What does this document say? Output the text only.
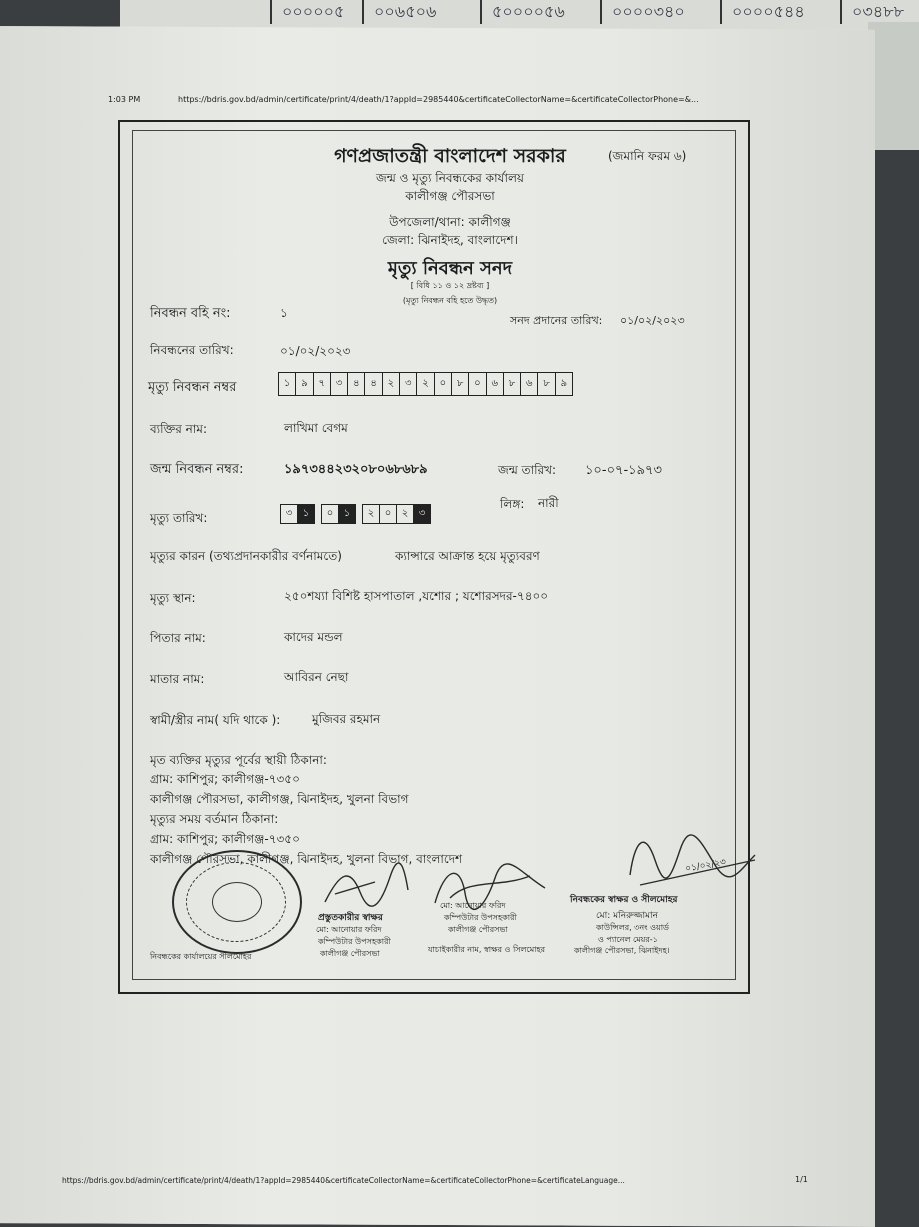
০০০০০৫	০০৬৫০৬	৫০০০০৫৬	০০০০৩৪০	০০০০৫৪৪	০৩৪৮৮
1:03 PM	https://bdris.gov.bd/admin/certificate/print/4/death/1?appId=2985440&certificateCollectorName=&certificateCollectorPhone=&...
গণপ্রজাতন্ত্রী বাংলাদেশ সরকার	(জমানি ফরম ৬)
জন্ম ও মৃত্যু নিবন্ধকের কার্যালয়
কালীগঞ্জ পৌরসভা
উপজেলা/থানা: কালীগঞ্জ
জেলা: ঝিনাইদহ, বাংলাদেশ।
মৃত্যু নিবন্ধন সনদ
[ বিধি ১১ ও ১২ দ্রষ্টব্য ]
(মৃত্যু নিবন্ধন বহি হতে উদ্ধৃত)
নিবন্ধন বহি নং:	১
সনদ প্রদানের তারিখ: ০১/০২/২০২৩
নিবন্ধনের তারিখ:	০১/০২/২০২৩
মৃত্যু নিবন্ধন নম্বর	১	৯	৭	৩	৪	৪	২	৩	২	০	৮	০	৬	৮	৬	৮	৯
ব্যক্তির নাম:	লাখিমা বেগম
জন্ম নিবন্ধন নম্বর:	১৯৭৩৪৪২৩২০৮০৬৮৬৮৯	জন্ম তারিখ: ১০-০৭-১৯৭৩
লিঙ্গ: নারী
মৃত্যু তারিখ:	৩	১	০	১	২	০	২	৩
মৃত্যুর কারন (তথ্যপ্রদানকারীর বর্ণনামতে)	ক্যান্সারে আক্রান্ত হয়ে মৃত্যুবরণ
মৃত্যু স্থান:	২৫০শয্যা বিশিষ্ট হাসপাতাল ,যশোর ; যশোরসদর-৭৪০০
পিতার নাম:	কাদের মন্ডল
মাতার নাম:	আবিরন নেছা
স্বামী/স্ত্রীর নাম( যদি থাকে ):	মুজিবর রহমান
মৃত ব্যক্তির মৃত্যুর পূর্বের স্থায়ী ঠিকানা:
গ্রাম: কাশিপুর; কালীগঞ্জ-৭৩৫০
কালীগঞ্জ পৌরসভা, কালীগঞ্জ, ঝিনাইদহ, খুলনা বিভাগ
মৃত্যুর সময় বর্তমান ঠিকানা:
গ্রাম: কাশিপুর; কালীগঞ্জ-৭৩৫০
কালীগঞ্জ পৌরসভা, কালীগঞ্জ, ঝিনাইদহ, খুলনা বিভাগ, বাংলাদেশ	০১/০২/২৩
প্রস্তুতকারীর স্বাক্ষর
মো: আনোয়ার ফরিদ
কম্পিউটার উপসহকারী
কালীগঞ্জ পৌরসভা
মো: আনোয়ার ফরিদ
কম্পিউটার উপসহকারী
কালীগঞ্জ পৌরসভা
যাচাইকারীর নাম, স্বাক্ষর ও সিলমোহর
নিবন্ধকের স্বাক্ষর ও সীলমোহর
মো: মনিরুজ্জামান
কাউন্সিলর, ৩নং ওয়ার্ড
ও প্যানেল মেয়র-১
কালীগঞ্জ পৌরসভা, ঝিনাইদহ।
নিবন্ধকের কার্যালয়ের সীলমোহর
https://bdris.gov.bd/admin/certificate/print/4/death/1?appId=2985440&certificateCollectorName=&certificateCollectorPhone=&certificateLanguage...	1/1
